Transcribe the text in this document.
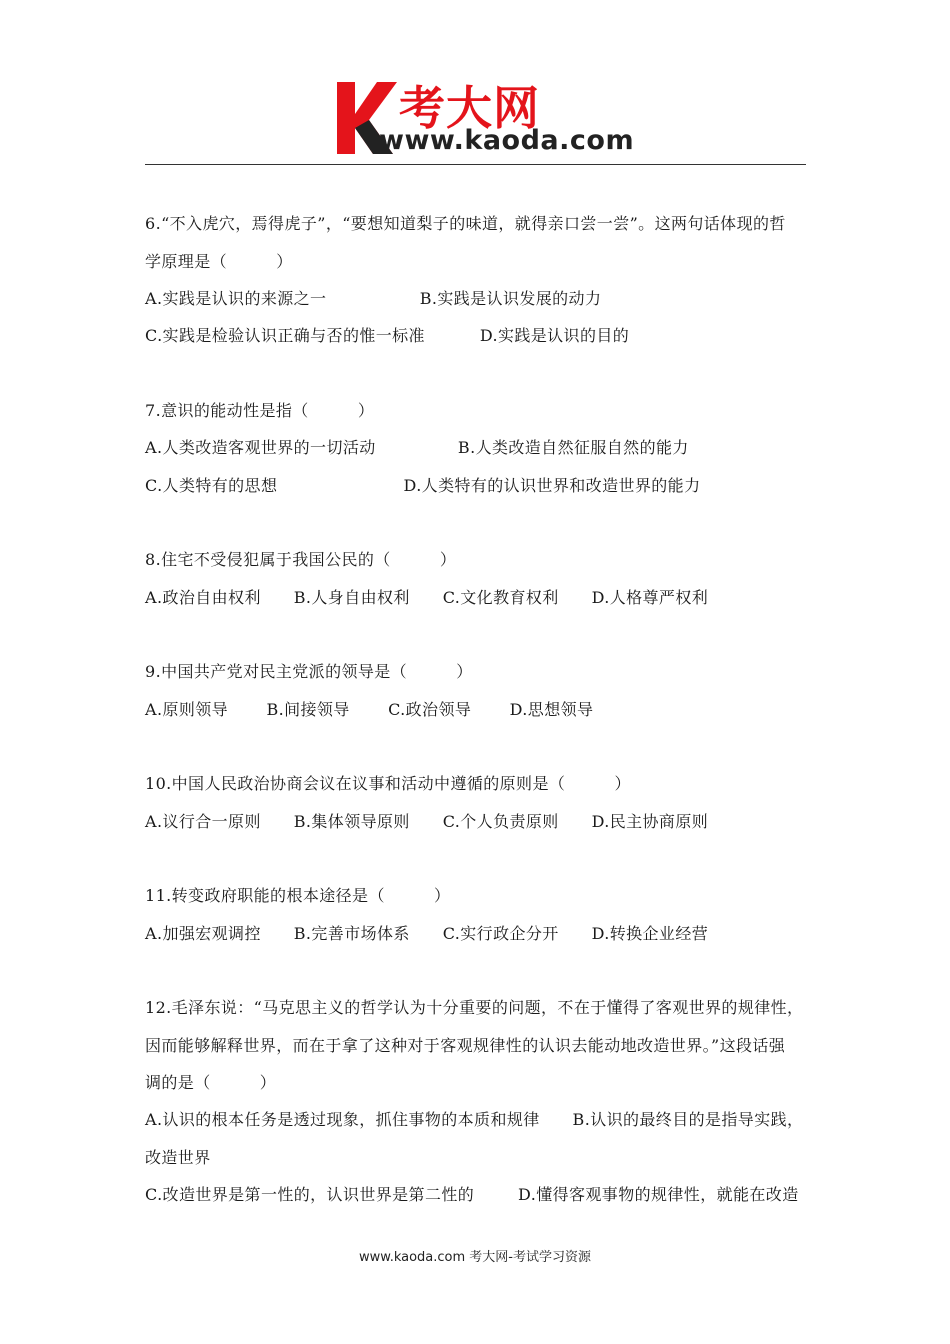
考大网
www.kaoda.com
6.“不入虎穴，焉得虎子”，“要想知道梨子的味道，就得亲口尝一尝”。这两句话体现的哲
学原理是（　　　）
A.实践是认识的来源之一                 B.实践是认识发展的动力
C.实践是检验认识正确与否的惟一标准          D.实践是认识的目的
7.意识的能动性是指（　　　）
A.人类改造客观世界的一切活动               B.人类改造自然征服自然的能力
C.人类特有的思想                       D.人类特有的认识世界和改造世界的能力
8.住宅不受侵犯属于我国公民的（　　　）
A.政治自由权利      B.人身自由权利      C.文化教育权利      D.人格尊严权利
9.中国共产党对民主党派的领导是（　　　）
A.原则领导       B.间接领导       C.政治领导       D.思想领导
10.中国人民政治协商会议在议事和活动中遵循的原则是（　　　）
A.议行合一原则      B.集体领导原则      C.个人负责原则      D.民主协商原则
11.转变政府职能的根本途径是（　　　）
A.加强宏观调控      B.完善市场体系      C.实行政企分开      D.转换企业经营
12.毛泽东说：“马克思主义的哲学认为十分重要的问题，不在于懂得了客观世界的规律性，
因而能够解释世界，而在于拿了这种对于客观规律性的认识去能动地改造世界。”这段话强
调的是（　　　）
A.认识的根本任务是透过现象，抓住事物的本质和规律      B.认识的最终目的是指导实践，
改造世界
C.改造世界是第一性的，认识世界是第二性的        D.懂得客观事物的规律性，就能在改造
www.kaoda.com 考大网-考试学习资源
